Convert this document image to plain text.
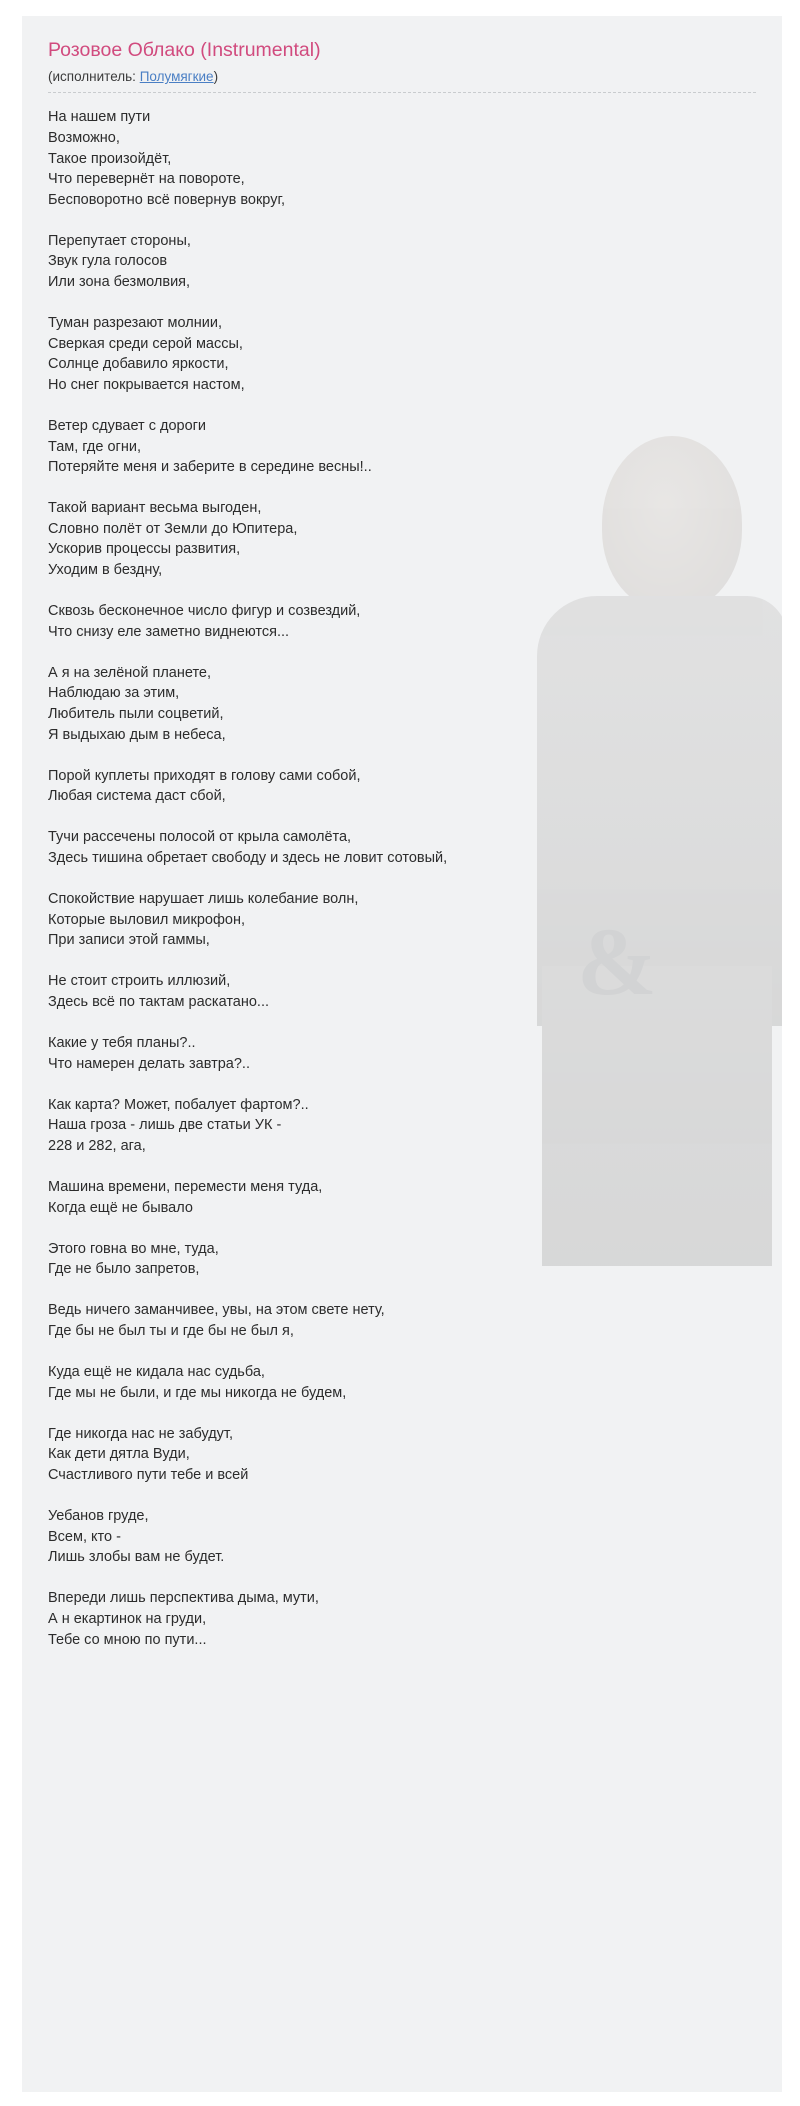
&
Розовое Облако (Instrumental)
(исполнитель: Полумягкие)

На нашем пути
Возможно,
Такое произойдёт,
Что перевернёт на повороте,
Бесповоротно всё повернув вокруг,

Перепутает стороны,
Звук гула голосов
Или зона безмолвия,

Туман разрезают молнии,
Сверкая среди серой массы,
Солнце добавило яркости,
Но снег покрывается настом,

Ветер сдувает с дороги
Там, где огни,
Потеряйте меня и заберите в середине весны!..

Такой вариант весьма выгоден,
Словно полёт от Земли до Юпитера,
Ускорив процессы развития,
Уходим в бездну,

Сквозь бесконечное число фигур и созвездий,
Что снизу еле заметно виднеются...

А я на зелёной планете,
Наблюдаю за этим,
Любитель пыли соцветий,
Я выдыхаю дым в небеса,

Порой куплеты приходят в голову сами собой,
Любая система даст сбой,

Тучи рассечены полосой от крыла самолёта,
Здесь тишина обретает свободу и здесь не ловит сотовый,

Спокойствие нарушает лишь колебание волн,
Которые выловил микрофон,
При записи этой гаммы,

Не стоит строить иллюзий,
Здесь всё по тактам раскатано...

Какие у тебя планы?..
Что намерен делать завтра?..

Как карта? Может, побалует фартом?..
Наша гроза - лишь две статьи УК -
228 и 282, ага,

Машина времени, перемести меня туда,
Когда ещё не бывало

Этого говна во мне, туда,
Где не было запретов,

Ведь ничего заманчивее, увы, на этом свете нету,
Где бы не был ты и где бы не был я,

Куда ещё не кидала нас судьба,
Где мы не были, и где мы никогда не будем,

Где никогда нас не забудут,
Как дети дятла Вуди,
Счастливого пути тебе и всей

Уебанов груде,
Всем, кто -
Лишь злобы вам не будет.

Впереди лишь перспектива дыма, мути,
А н екартинок на груди,
Тебе со мною по пути...
